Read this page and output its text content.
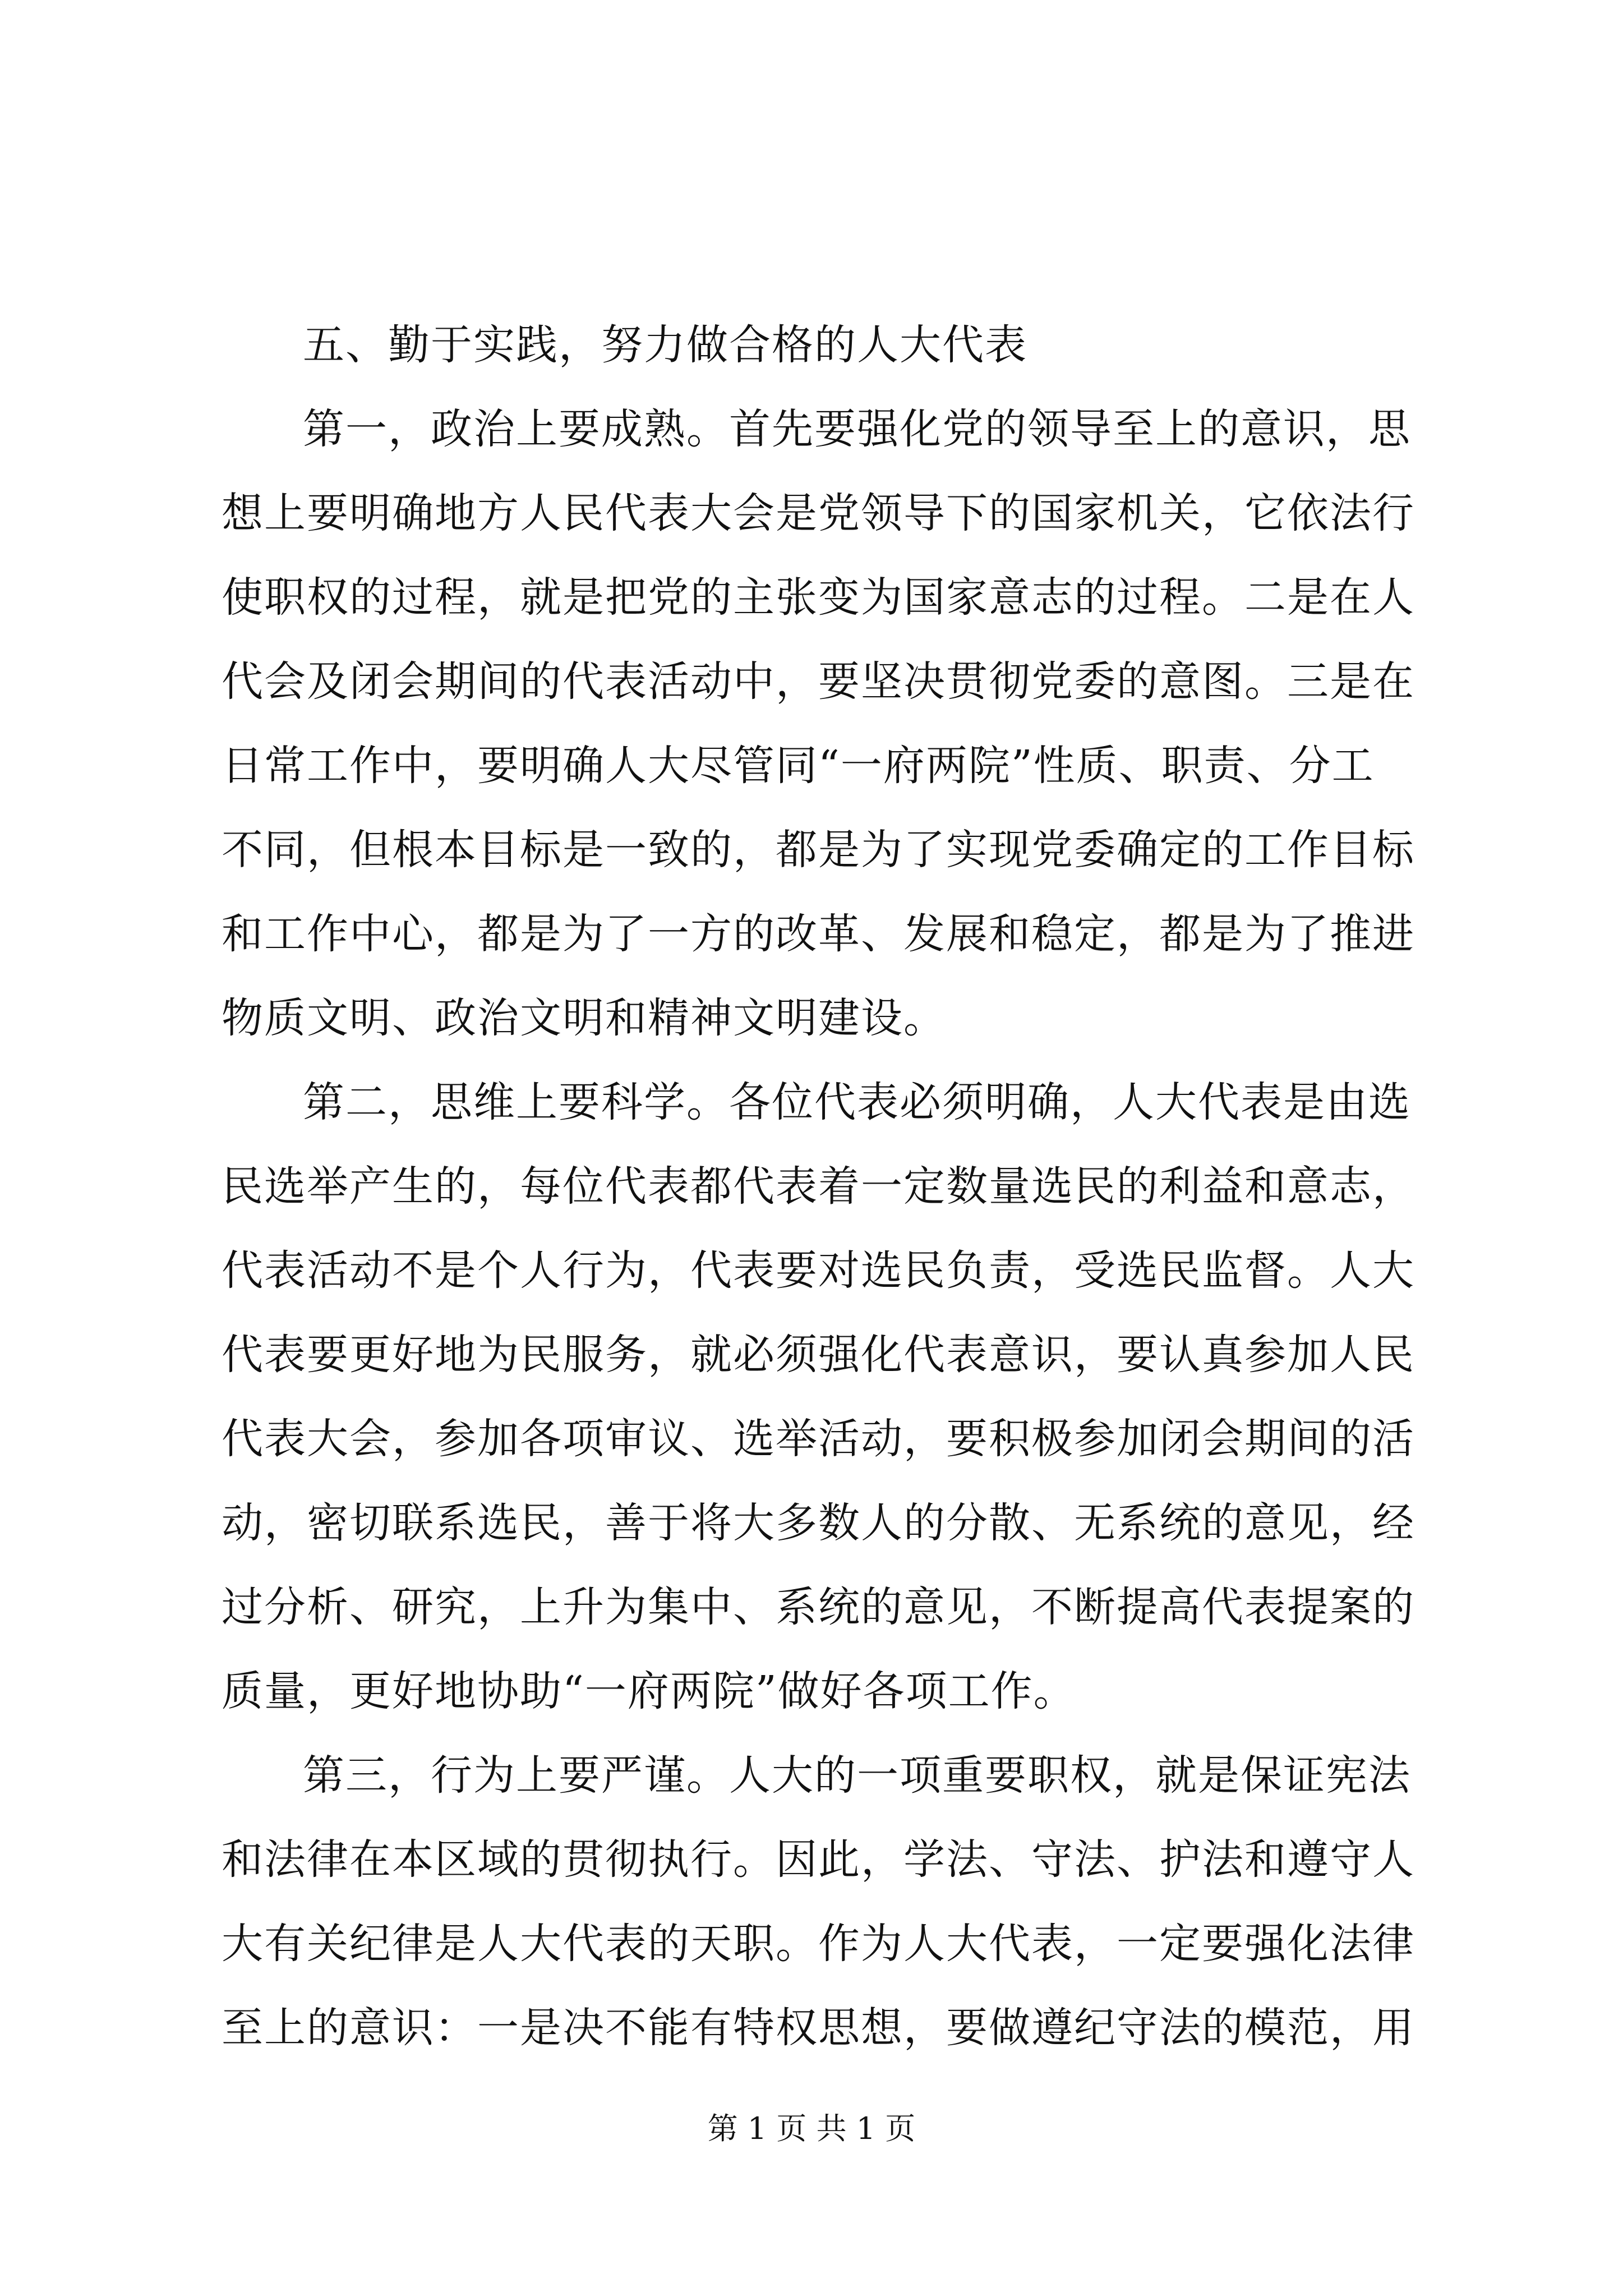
五、勤于实践，努力做合格的人大代表
第一，政治上要成熟。首先要强化党的领导至上的意识，思
想上要明确地方人民代表大会是党领导下的国家机关，它依法行
使职权的过程，就是把党的主张变为国家意志的过程。二是在人
代会及闭会期间的代表活动中，要坚决贯彻党委的意图。三是在
日常工作中，要明确人大尽管同“一府两院”性质、职责、分工
不同，但根本目标是一致的，都是为了实现党委确定的工作目标
和工作中心，都是为了一方的改革、发展和稳定，都是为了推进
物质文明、政治文明和精神文明建设。
第二，思维上要科学。各位代表必须明确，人大代表是由选
民选举产生的，每位代表都代表着一定数量选民的利益和意志，
代表活动不是个人行为，代表要对选民负责，受选民监督。人大
代表要更好地为民服务，就必须强化代表意识，要认真参加人民
代表大会，参加各项审议、选举活动，要积极参加闭会期间的活
动，密切联系选民，善于将大多数人的分散、无系统的意见，经
过分析、研究，上升为集中、系统的意见，不断提高代表提案的
质量，更好地协助“一府两院”做好各项工作。
第三，行为上要严谨。人大的一项重要职权，就是保证宪法
和法律在本区域的贯彻执行。因此，学法、守法、护法和遵守人
大有关纪律是人大代表的天职。作为人大代表，一定要强化法律
至上的意识：一是决不能有特权思想，要做遵纪守法的模范，用
第 1 页 共 1 页
